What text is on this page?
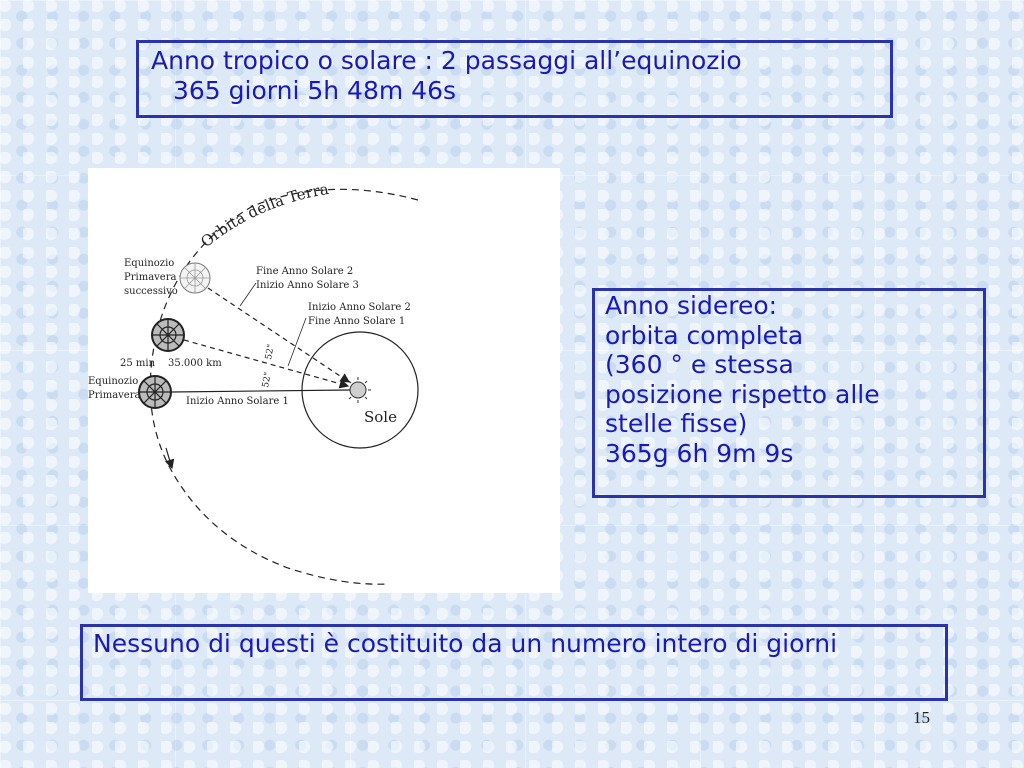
Anno tropico o solare : 2 passaggi all’equinozio
365 giorni 5h 48m 46s
Orbita della Terra
Sole
Equinozio Primavera successivo
Equinozio Primavera
Fine Anno Solare 2
Inizio Anno Solare 3
Inizio Anno Solare 2
Fine Anno Solare 1
Inizio Anno Solare 1
25 min 35.000 km
52"
52"
Anno sidereo:
orbita completa
(360 ° e stessa
posizione rispetto alle
stelle fisse)
365g 6h 9m 9s
Nessuno di questi è costituito da un numero intero di giorni
15
